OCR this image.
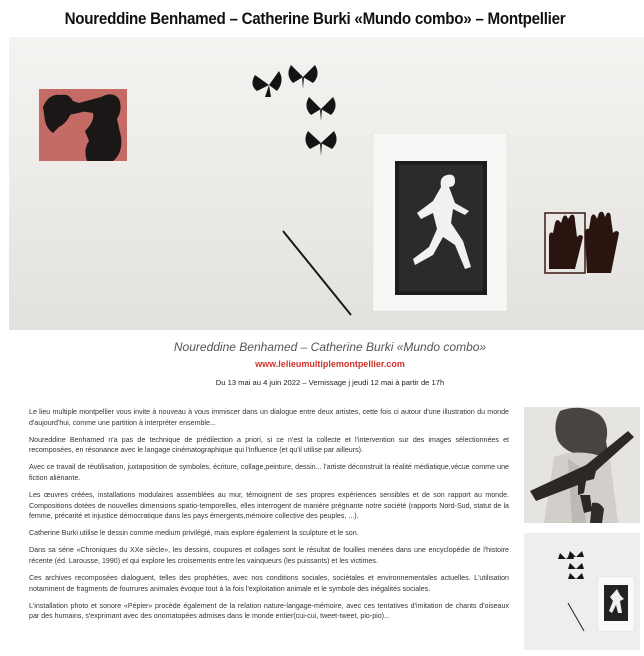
Noureddine Benhamed – Catherine Burki «Mundo combo» – Montpellier
Noureddine Benhamed – Catherine Burki «Mundo combo»
www.lelieumultiplemontpellier.com
Du 13 mai au 4 juin 2022 – Vernissage j jeudi 12 mai à partir de 17h

Le lieu multiple montpellier vous invite à nouveau à vous immiscer dans un dialogue entre deux artistes, cette fois ci autour d'une illustration du monde d'aujourd'hui, comme une partition à interpréter ensemble...

Noureddine Benhamed n'a pas de technique de prédilection a priori, si ce n'est la collecte et l'intervention sur des images sélectionnées et recomposées, en résonance avec le langage cinématographique qui l'influence (et qu'il utilise par ailleurs).

Avec ce travail de réutilisation, juxtaposition de symboles, écriture, collage,peinture, dessin... l'artiste déconstruit la réalité médiatique,vécue comme une fiction aliénante.

Les œuvres créées, installations modulaires assemblées au mur, témoignent de ses propres expériences sensibles et de son rapport au monde. Compositions dotées de nouvelles dimensions spatio-temporelles, elles interrogent de manière prégnante notre société (rapports Nord-Sud, statut de la femme, précarité et injustice démocratique dans les pays émergents,mémoire collective des peuples, ...).

Catherine Burki utilise le dessin comme medium privilégié, mais explore également la sculpture et le son.

Dans sa série «Chroniques du XXe siècle», les dessins, coupures et collages sont le résultat de fouilles menées dans une encyclopédie de l'histoire récente (éd. Larousse, 1990) et qui explore les croisements entre les vainqueurs (les puissants) et les victimes.

Ces archives recomposées dialoguent, telles des prophéties, avec nos conditions sociales, sociétales et environnementales actuelles. L'utilisation notamment de fragments de fourrures animales évoque tout à la fois l'exploitation animale et le symbole des inégalités sociales.

L'installation photo et sonore «Pépier» procède également de la relation nature-langage-mémoire, avec ces tentatives d'imitation de chants d'oiseaux par des humains, s'exprimant avec des onomatopées admises dans le monde entier(cui-cui, tweet-tweet, pio-pio)...
